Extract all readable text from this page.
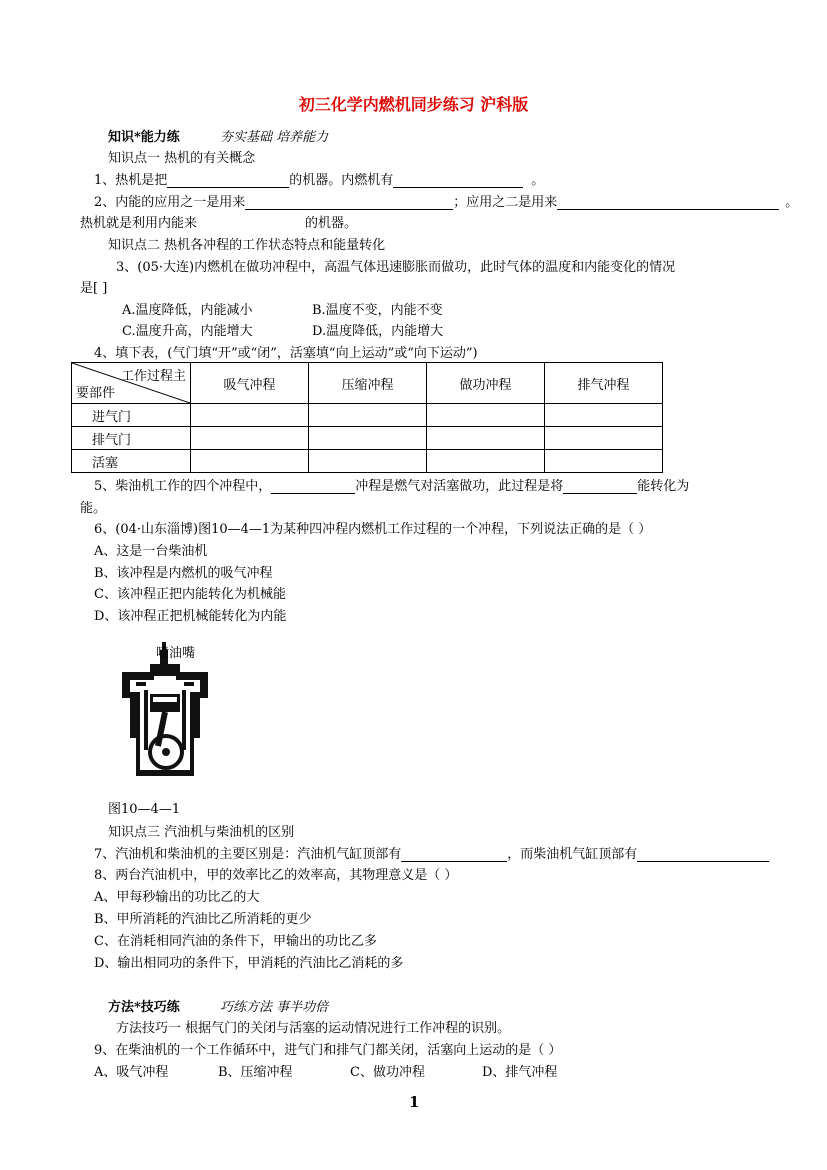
初三化学内燃机同步练习 沪科版
知识*能力练	夯实基础 培养能力
知识点一 热机的有关概念
1、热机是把	的机器。内燃机有	。
2、内能的应用之一是用来	；应用之二是用来	。
热机就是利用内能来	的机器。
知识点二 热机各冲程的工作状态特点和能量转化
3、(05·大连)内燃机在做功冲程中，高温气体迅速膨胀而做功，此时气体的温度和内能变化的情况
是[ ]
A.温度降低，内能减小	B.温度不变，内能不变
C.温度升高，内能增大	D.温度降低，内能增大
4、填下表，(气门填“开”或“闭”，活塞填“向上运动”或“向下运动”)
工作过程主
要部件	吸气冲程	压缩冲程	做功冲程	排气冲程
进气门				
排气门				
活塞				
5、柴油机工作的四个冲程中，	冲程是燃气对活塞做功，此过程是将	能转化为
能。
6、(04·山东淄博)图10—4—1为某种四冲程内燃机工作过程的一个冲程，下列说法正确的是（ ）
A、这是一台柴油机
B、该冲程是内燃机的吸气冲程
C、该冲程正把内能转化为机械能
D、该冲程正把机械能转化为内能
喷油嘴
图10—4—1
知识点三 汽油机与柴油机的区别
7、汽油机和柴油机的主要区别是：汽油机气缸顶部有	，而柴油机气缸顶部有
8、两台汽油机中，甲的效率比乙的效率高，其物理意义是（ ）
A、甲每秒输出的功比乙的大
B、甲所消耗的汽油比乙所消耗的更少
C、在消耗相同汽油的条件下，甲输出的功比乙多
D、输出相同功的条件下，甲消耗的汽油比乙消耗的多
方法*技巧练	巧练方法 事半功倍
方法技巧一 根据气门的关闭与活塞的运动情况进行工作冲程的识别。
9、在柴油机的一个工作循环中，进气门和排气门都关闭，活塞向上运动的是（ ）
A、吸气冲程	B、压缩冲程	C、做功冲程	D、排气冲程
1
